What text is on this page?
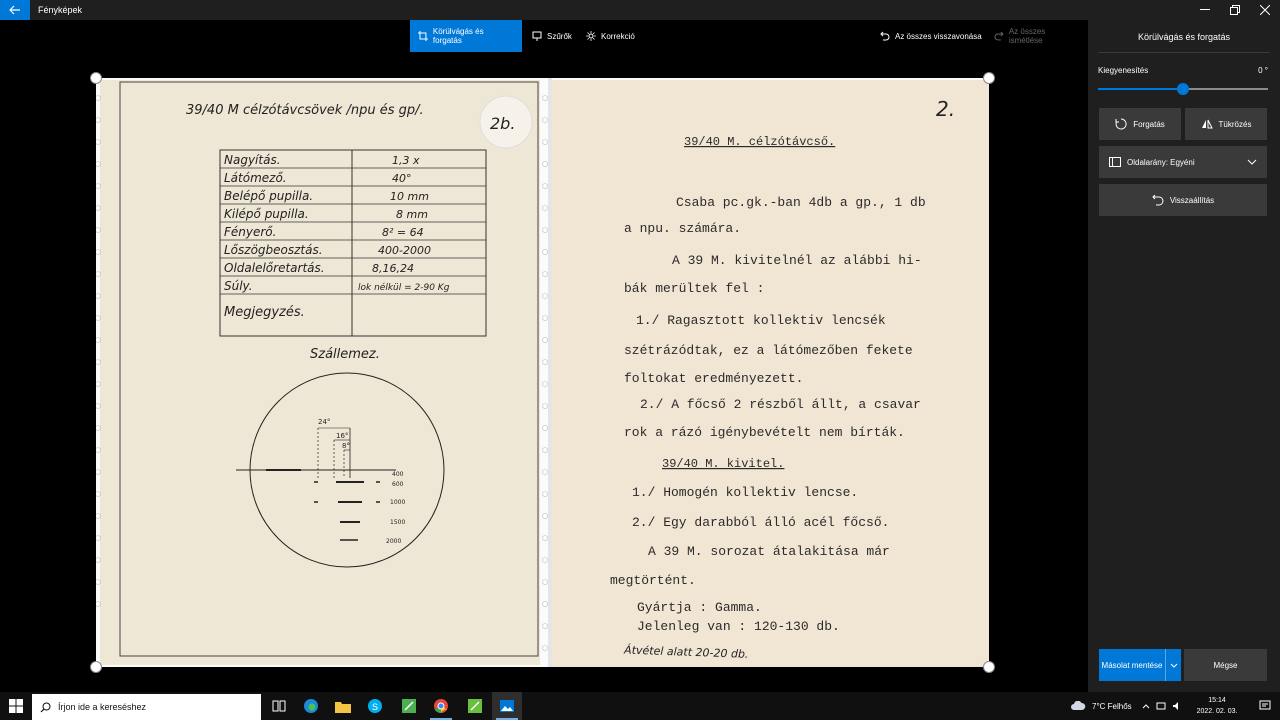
Fényképek
Körülvágás és forgatás	Szűrők	Korrekció	Az összes visszavonása	Az összes ismétlése
39/40 M célzótávcsövek /npu és gp/.
2b.
Nagyítás.	1,3 x
Látómező.	40°
Belépő pupilla.	10 mm
Kilépő pupilla.	8 mm
Fényerő.	8² = 64
Lőszögbeosztás.	400-2000
Oldalelőretartás.	8,16,24
Súly.	lok nélkül = 2-90 Kg
Megjegyzés.
Szállemez.
24°
16°
8°
400
600
1000
1500
2000
2.
39/40 M. célzótávcső.
Csaba pc.gk.-ban 4db a gp., 1 db
a npu. számára.
A 39 M. kivitelnél az alábbi hi-
bák merültek fel :
1./ Ragasztott kollektiv lencsék
szétrázódtak, ez a látómezőben fekete
foltokat eredményezett.
2./ A főcső 2 részből állt, a csavar
rok a rázó igénybevételt nem bírták.
39/40 M. kivitel.
1./ Homogén kollektiv lencse.
2./ Egy darabból álló acél főcső.
A 39 M. sorozat átalakitása már
megtörtént.
Gyártja : Gamma.
Jelenleg van : 120-130 db.
Átvétel alatt 20-20 db.
Körülvágás és forgatás
Kiegyenesítés	0 °
Forgatás	Tükrözés
Oldalarány: Egyéni
Visszaállítás
Másolat mentése	Mégse
Írjon ide a kereséshez	S	7°C Felhős
15:14
2022. 02. 03.
